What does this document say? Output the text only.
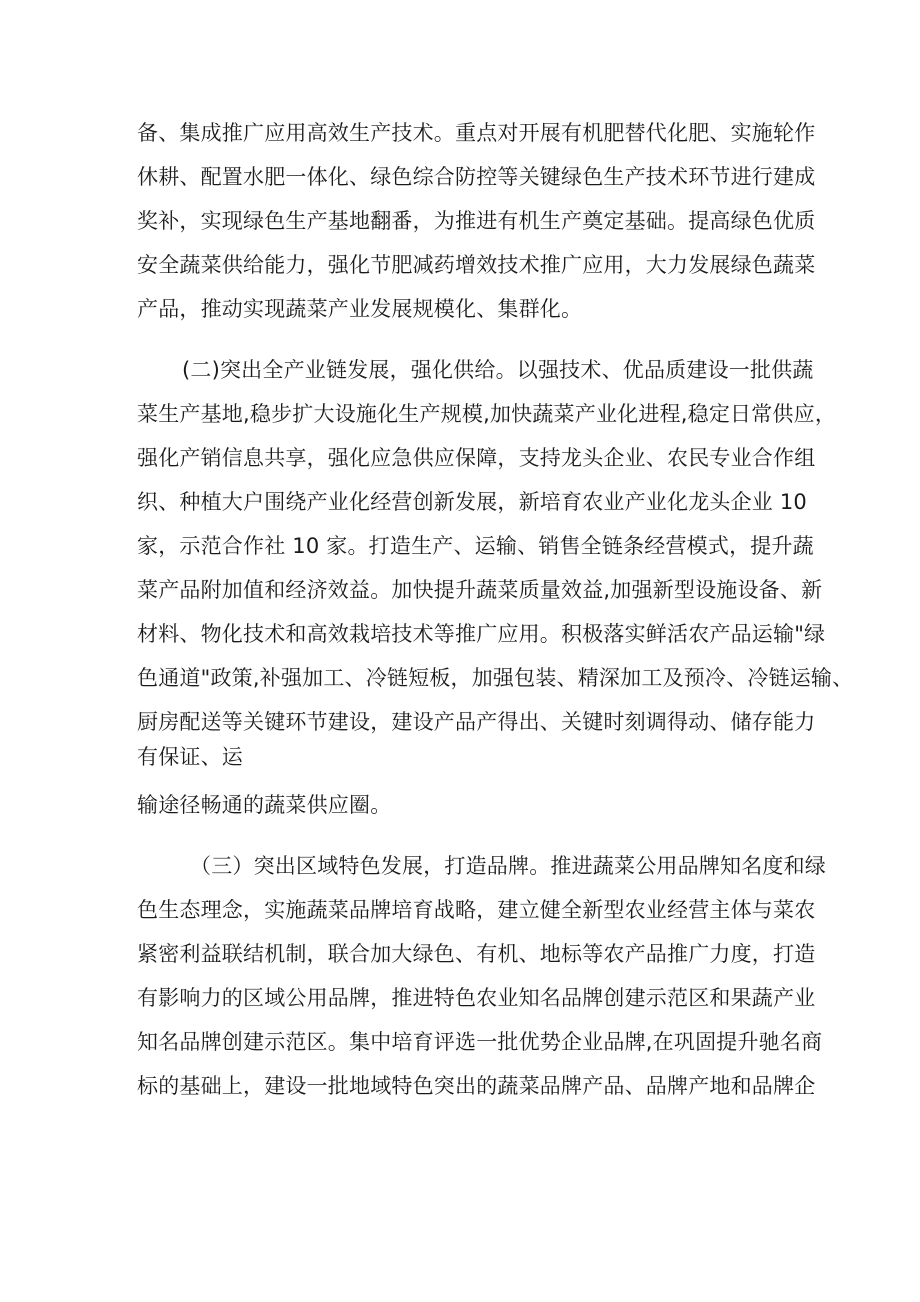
备、集成推广应用高效生产技术。重点对开展有机肥替代化肥、实施轮作
休耕、配置水肥一体化、绿色综合防控等关键绿色生产技术环节进行建成
奖补，实现绿色生产基地翻番，为推进有机生产奠定基础。提高绿色优质
安全蔬菜供给能力，强化节肥减药增效技术推广应用，大力发展绿色蔬菜
产品，推动实现蔬菜产业发展规模化、集群化。
(二)突出全产业链发展，强化供给。以强技术、优品质建设一批供蔬
菜生产基地,稳步扩大设施化生产规模,加快蔬菜产业化进程,稳定日常供应，
强化产销信息共享，强化应急供应保障，支持龙头企业、农民专业合作组
织、种植大户围绕产业化经营创新发展，新培育农业产业化龙头企业 10
家，示范合作社 10 家。打造生产、运输、销售全链条经营模式，提升蔬
菜产品附加值和经济效益。加快提升蔬菜质量效益,加强新型设施设备、新
材料、物化技术和高效栽培技术等推广应用。积极落实鲜活农产品运输"绿
色通道"政策,补强加工、冷链短板，加强包装、精深加工及预冷、冷链运输、
厨房配送等关键环节建设，建设产品产得出、关键时刻调得动、储存能力
有保证、运
输途径畅通的蔬菜供应圈。
（三）突出区域特色发展，打造品牌。推进蔬菜公用品牌知名度和绿
色生态理念，实施蔬菜品牌培育战略，建立健全新型农业经营主体与菜农
紧密利益联结机制，联合加大绿色、有机、地标等农产品推广力度，打造
有影响力的区域公用品牌，推进特色农业知名品牌创建示范区和果蔬产业
知名品牌创建示范区。集中培育评选一批优势企业品牌,在巩固提升驰名商
标的基础上，建设一批地域特色突出的蔬菜品牌产品、品牌产地和品牌企
